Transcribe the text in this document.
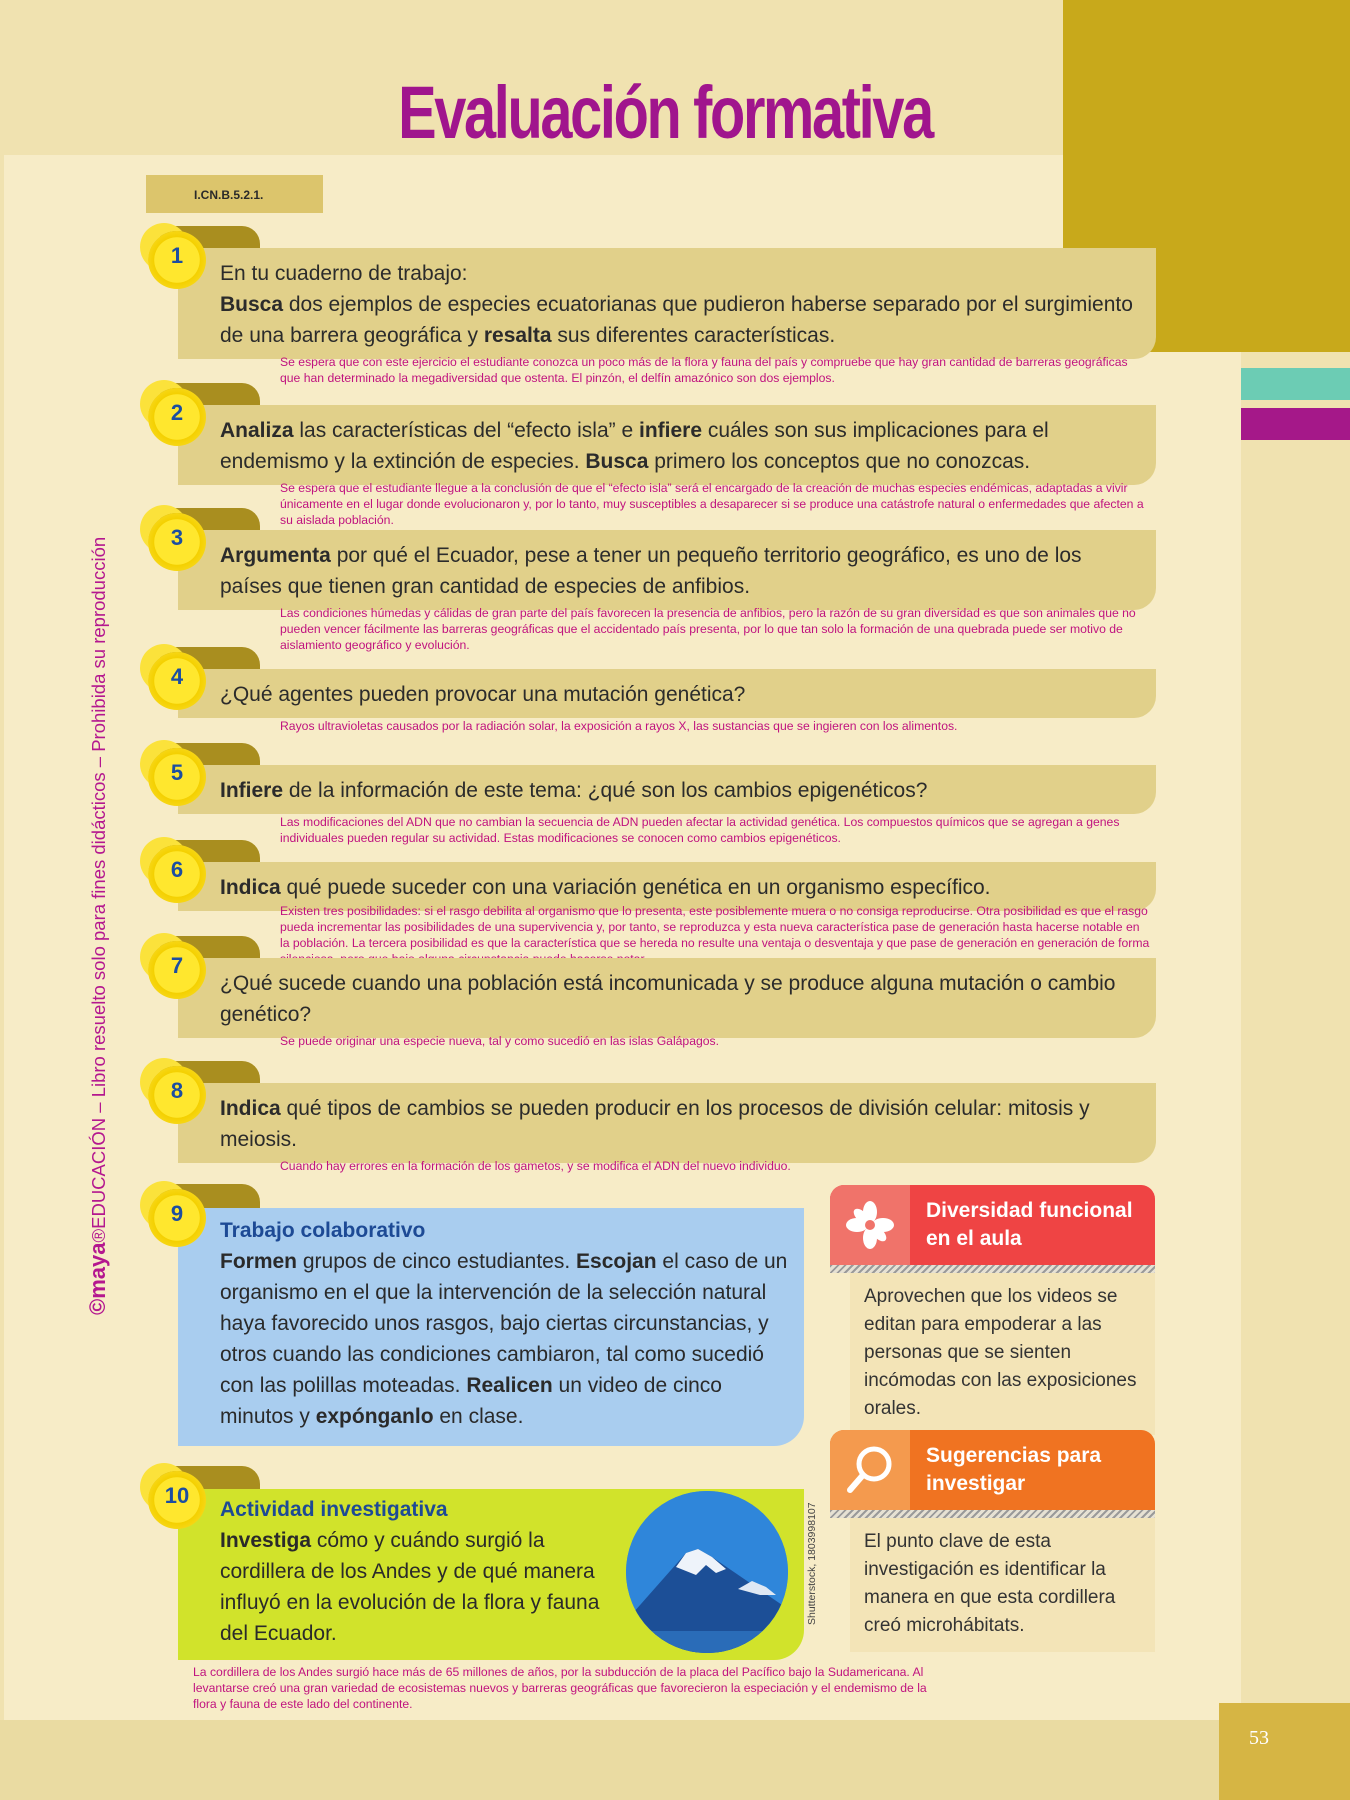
53
Evaluación formativa
I.CN.B.5.2.1.
©maya®EDUCACIÓN – Libro resuelto solo para fines didácticos – Prohibida su reproducción
En tu cuaderno de trabajo:
Busca dos ejemplos de especies ecuatorianas que pudieron haberse separado por el surgimiento de una barrera geográfica y resalta sus diferentes características.
1
Se espera que con este ejercicio el estudiante conozca un poco más de la flora y fauna del país y compruebe que hay gran cantidad de barreras geográficas que han determinado la megadiversidad que ostenta. El pinzón, el delfín amazónico son dos ejemplos.
Analiza las características del “efecto isla” e infiere cuáles son sus implicaciones para el endemismo y la extinción de especies. Busca primero los conceptos que no conozcas.
2
Se espera que el estudiante llegue a la conclusión de que el “efecto isla” será el encargado de la creación de muchas especies endémicas, adaptadas a vivir únicamente en el lugar donde evolucionaron y, por lo tanto, muy susceptibles a desaparecer si se produce una catástrofe natural o enfermedades que afecten a su aislada población.
Argumenta por qué el Ecuador, pese a tener un pequeño territorio geográfico, es uno de los países que tienen gran cantidad de especies de anfibios.
3
Las condiciones húmedas y cálidas de gran parte del país favorecen la presencia de anfibios, pero la razón de su gran diversidad es que son animales que no pueden vencer fácilmente las barreras geográficas que el accidentado país presenta, por lo que tan solo la formación de una quebrada puede ser motivo de aislamiento geográfico y evolución.
¿Qué agentes pueden provocar una mutación genética?
4
Rayos ultravioletas causados por la radiación solar, la exposición a rayos X, las sustancias que se ingieren con los alimentos.
Infiere de la información de este tema: ¿qué son los cambios epigenéticos?
5
Las modificaciones del ADN que no cambian la secuencia de ADN pueden afectar la actividad genética. Los compuestos químicos que se agregan a genes individuales pueden regular su actividad. Estas modificaciones se conocen como cambios epigenéticos.
Indica qué puede suceder con una variación genética en un organismo específico.
6
Existen tres posibilidades: si el rasgo debilita al organismo que lo presenta, este posiblemente muera o no consiga reproducirse. Otra posibilidad es que el rasgo pueda incrementar las posibilidades de una supervivencia y, por tanto, se reproduzca y esta nueva característica pase de generación hasta hacerse notable en la población. La tercera posibilidad es que la característica que se hereda no resulte una ventaja o desventaja y que pase de generación en generación de forma
¿Qué sucede cuando una población está incomunicada y se produce alguna mutación o cambio genético?
7
Se puede originar una especie nueva, tal y como sucedió en las islas Galápagos.
Indica qué tipos de cambios se pueden producir en los procesos de división celular: mitosis y meiosis.
8
Cuando hay errores en la formación de los gametos, y se modifica el ADN del nuevo individuo.
Trabajo colaborativo
Formen grupos de cinco estudiantes. Escojan el caso de un organismo en el que la intervención de la selección natural haya favorecido unos rasgos, bajo ciertas circunstancias, y otros cuando las condiciones cambiaron, tal como sucedió con las polillas moteadas. Realicen un video de cinco minutos y expónganlo en clase.
9
Actividad investigativa
Investiga cómo y cuándo surgió la cordillera de los Andes y de qué manera influyó en la evolución de la flora y fauna del Ecuador.
10
Shutterstock, 1803998107
La cordillera de los Andes surgió hace más de 65 millones de años, por la subducción de la placa del Pacífico bajo la Sudamericana. Al levantarse creó una gran variedad de ecosistemas nuevos y barreras geográficas que favorecieron la especiación y el endemismo de la flora y fauna de este lado del continente.
Diversidad funcional en el aula
Aprovechen que los videos se editan para empoderar a las personas que se sienten incómodas con las exposiciones orales.
Sugerencias para investigar
El punto clave de esta investigación es identificar la manera en que esta cordillera creó microhábitats.
